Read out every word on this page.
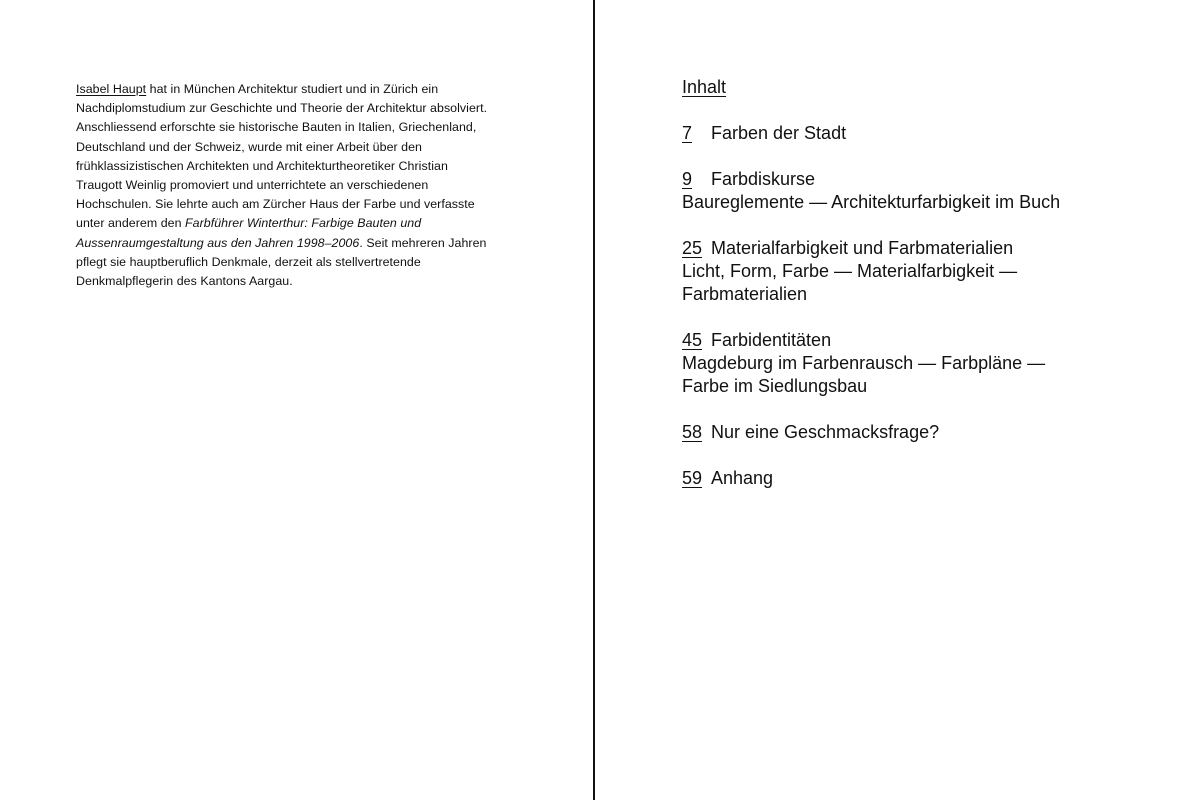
Isabel Haupt hat in München Architektur studiert und in Zürich ein Nachdiplomstudium zur Geschichte und Theorie der Architektur absolviert. Anschliessend erforschte sie historische Bauten in Italien, Griechenland, Deutschland und der Schweiz, wurde mit einer Arbeit über den frühklassizistischen Architekten und Architekturtheoretiker Christian Traugott Weinlig promoviert und unterrichtete an verschiedenen Hochschulen. Sie lehrte auch am Zürcher Haus der Farbe und verfasste unter anderem den Farbführer Winterthur: Farbige Bauten und Aussenraumgestaltung aus den Jahren 1998–2006. Seit mehreren Jahren pflegt sie hauptberuflich Denkmale, derzeit als stellvertretende Denkmalpflegerin des Kantons Aargau.

Inhalt
7 Farben der Stadt
9 Farbdiskurse
Baureglemente — Architekturfarbigkeit im Buch
25 Materialfarbigkeit und Farbmaterialien
Licht, Form, Farbe — Materialfarbigkeit —
Farbmaterialien
45 Farbidentitäten
Magdeburg im Farbenrausch — Farbpläne —
Farbe im Siedlungsbau
58 Nur eine Geschmacksfrage?
59 Anhang
